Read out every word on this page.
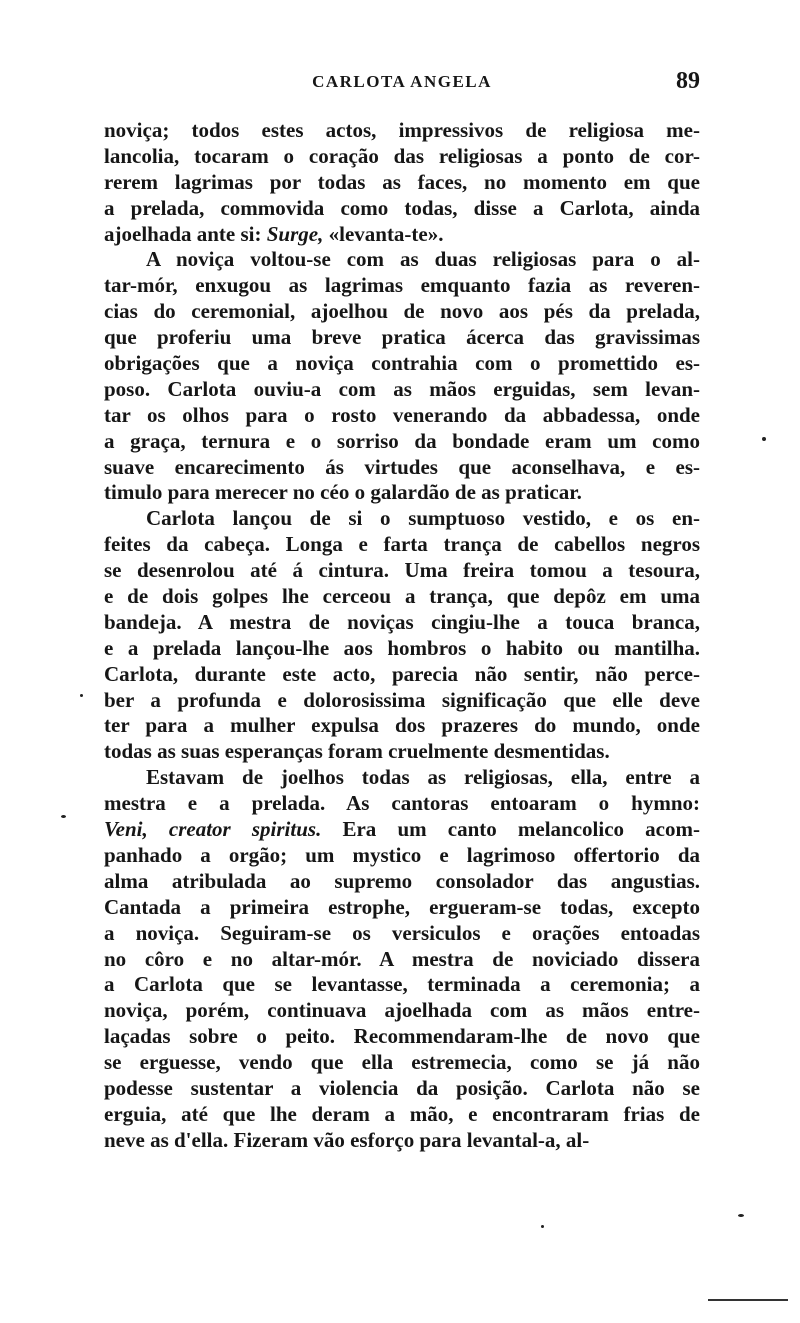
CARLOTA ANGELA	89
noviça; todos estes actos, impressivos de religiosa me-
lancolia, tocaram o coração das religiosas a ponto de cor-
rerem lagrimas por todas as faces, no momento em que
a prelada, commovida como todas, disse a Carlota, ainda
ajoelhada ante si: Surge, «levanta-te».
A noviça voltou-se com as duas religiosas para o al-
tar-mór, enxugou as lagrimas emquanto fazia as reveren-
cias do ceremonial, ajoelhou de novo aos pés da prelada,
que proferiu uma breve pratica ácerca das gravissimas
obrigações que a noviça contrahia com o promettido es-
poso. Carlota ouviu-a com as mãos erguidas, sem levan-
tar os olhos para o rosto venerando da abbadessa, onde
a graça, ternura e o sorriso da bondade eram um como
suave encarecimento ás virtudes que aconselhava, e es-
timulo para merecer no céo o galardão de as praticar.
Carlota lançou de si o sumptuoso vestido, e os en-
feites da cabeça. Longa e farta trança de cabellos negros
se desenrolou até á cintura. Uma freira tomou a tesoura,
e de dois golpes lhe cerceou a trança, que depôz em uma
bandeja. A mestra de noviças cingiu-lhe a touca branca,
e a prelada lançou-lhe aos hombros o habito ou mantilha.
Carlota, durante este acto, parecia não sentir, não perce-
ber a profunda e dolorosissima significação que elle deve
ter para a mulher expulsa dos prazeres do mundo, onde
todas as suas esperanças foram cruelmente desmentidas.
Estavam de joelhos todas as religiosas, ella, entre a
mestra e a prelada. As cantoras entoaram o hymno:
Veni, creator spiritus. Era um canto melancolico acom-
panhado a orgão; um mystico e lagrimoso offertorio da
alma atribulada ao supremo consolador das angustias.
Cantada a primeira estrophe, ergueram-se todas, excepto
a noviça. Seguiram-se os versiculos e orações entoadas
no côro e no altar-mór. A mestra de noviciado dissera
a Carlota que se levantasse, terminada a ceremonia; a
noviça, porém, continuava ajoelhada com as mãos entre-
laçadas sobre o peito. Recommendaram-lhe de novo que
se erguesse, vendo que ella estremecia, como se já não
podesse sustentar a violencia da posição. Carlota não se
erguia, até que lhe deram a mão, e encontraram frias de
neve as d'ella. Fizeram vão esforço para levantal-a, al-
